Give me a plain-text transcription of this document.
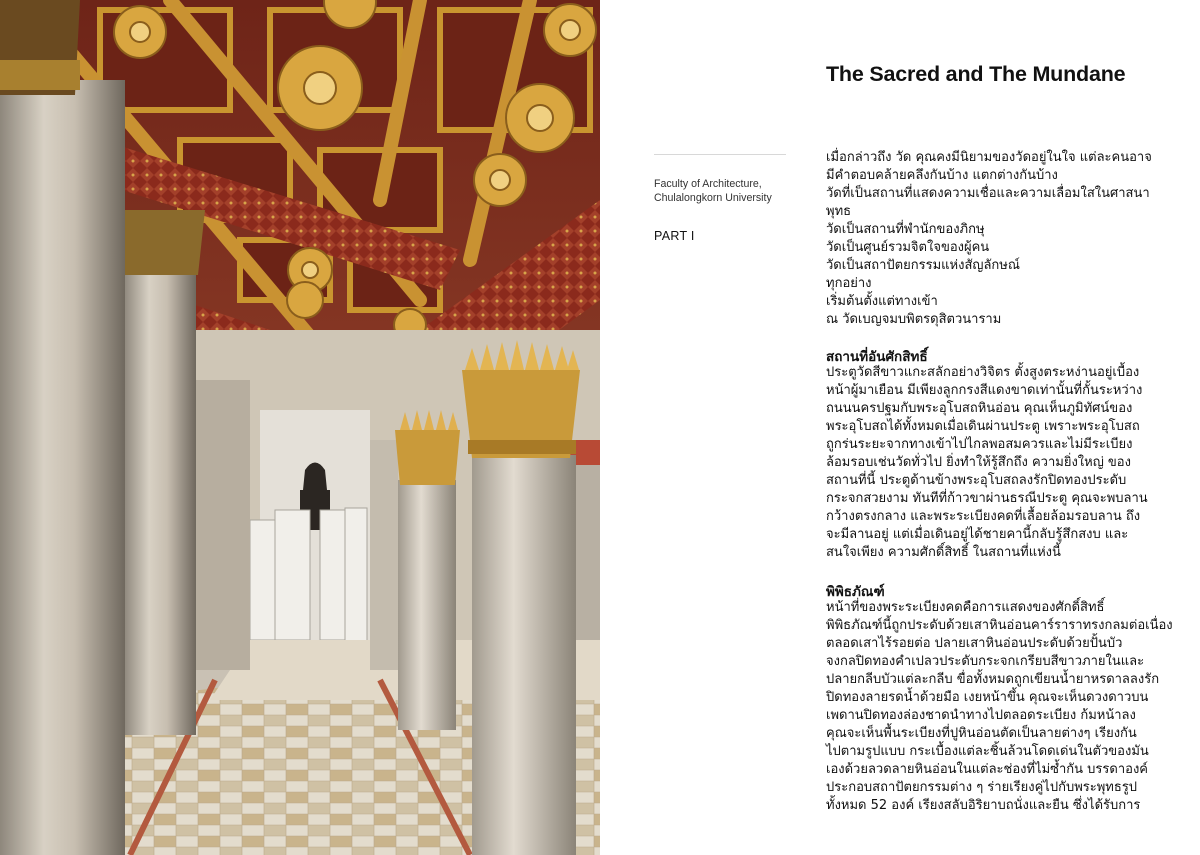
The Sacred and The Mundane
Faculty of Architecture,
Chulalongkorn University
PART I
เมื่อกล่าวถึง วัด คุณคงมีนิยามของวัดอยู่ในใจ แต่ละคนอาจ
มีคำตอบคล้ายคลึงกันบ้าง แตกต่างกันบ้าง
วัดที่เป็นสถานที่แสดงความเชื่อและความเลื่อมใสในศาสนา
พุทธ
วัดเป็นสถานที่พำนักของภิกษุ
วัดเป็นศูนย์รวมจิตใจของผู้คน
วัดเป็นสถาปัตยกรรมแห่งสัญลักษณ์
ทุกอย่าง
เริ่มต้นตั้งแต่ทางเข้า
ณ วัดเบญจมบพิตรดุสิตวนาราม
สถานที่อันศักสิทธิ์
ประตูวัดสีขาวแกะสลักอย่างวิจิตร ตั้งสูงตระหง่านอยู่เบื้อง
หน้าผู้มาเยือน มีเพียงลูกกรงสีแดงขาดเท่านั้นที่กั้นระหว่าง
ถนนนครปฐมกับพระอุโบสถหินอ่อน คุณเห็นภูมิทัศน์ของ
พระอุโบสถได้ทั้งหมดเมื่อเดินผ่านประตู เพราะพระอุโบสถ
ถูกร่นระยะจากทางเข้าไปไกลพอสมควรและไม่มีระเบียง
ล้อมรอบเช่นวัดทั่วไป ยิ่งทำให้รู้สึกถึง ความยิ่งใหญ่ ของ
สถานที่นี้ ประตูด้านข้างพระอุโบสถลงรักปิดทองประดับ
กระจกสวยงาม ทันทีที่ก้าวขาผ่านธรณีประตู คุณจะพบลาน
กว้างตรงกลาง และพระระเบียงคดที่เลื้อยล้อมรอบลาน ถึง
จะมีลานอยู่ แต่เมื่อเดินอยู่ได้ชายคานี้กลับรู้สึกสงบ และ
สนใจเพียง ความศักดิ์สิทธิ์ ในสถานที่แห่งนี้
พิพิธภัณฑ์
หน้าที่ของพระระเบียงคดคือการแสดงของศักดิ์สิทธิ์
พิพิธภัณฑ์นี้ถูกประดับด้วยเสาหินอ่อนคาร์ราราทรงกลมต่อเนื่อง
ตลอดเสาไร้รอยต่อ ปลายเสาหินอ่อนประดับด้วยปั้นบัว
จงกลปิดทองคำเปลวประดับกระจกเกรียบสีขาวภายในและ
ปลายกลีบบัวแต่ละกลีบ ขื่อทั้งหมดถูกเขียนน้ำยาหรดาลลงรัก
ปิดทองลายรดน้ำด้วยมือ เงยหน้าขึ้น คุณจะเห็นดวงดาวบน
เพดานปิดทองล่องชาดนำทางไปตลอดระเบียง ก้มหน้าลง
คุณจะเห็นพื้นระเบียงที่ปูหินอ่อนตัดเป็นลายต่างๆ เรียงกัน
ไปตามรูปแบบ กระเบื้องแต่ละชิ้นล้วนโดดเด่นในตัวของมัน
เองด้วยลวดลายหินอ่อนในแต่ละช่องที่ไม่ซ้ำกัน บรรดาองค์
ประกอบสถาปัตยกรรมต่าง ๆ ร่ายเรียงคู่ไปกับพระพุทธรูป
ทั้งหมด 52 องค์ เรียงสลับอิริยาบถนั่งและยืน ซึ่งได้รับการ
